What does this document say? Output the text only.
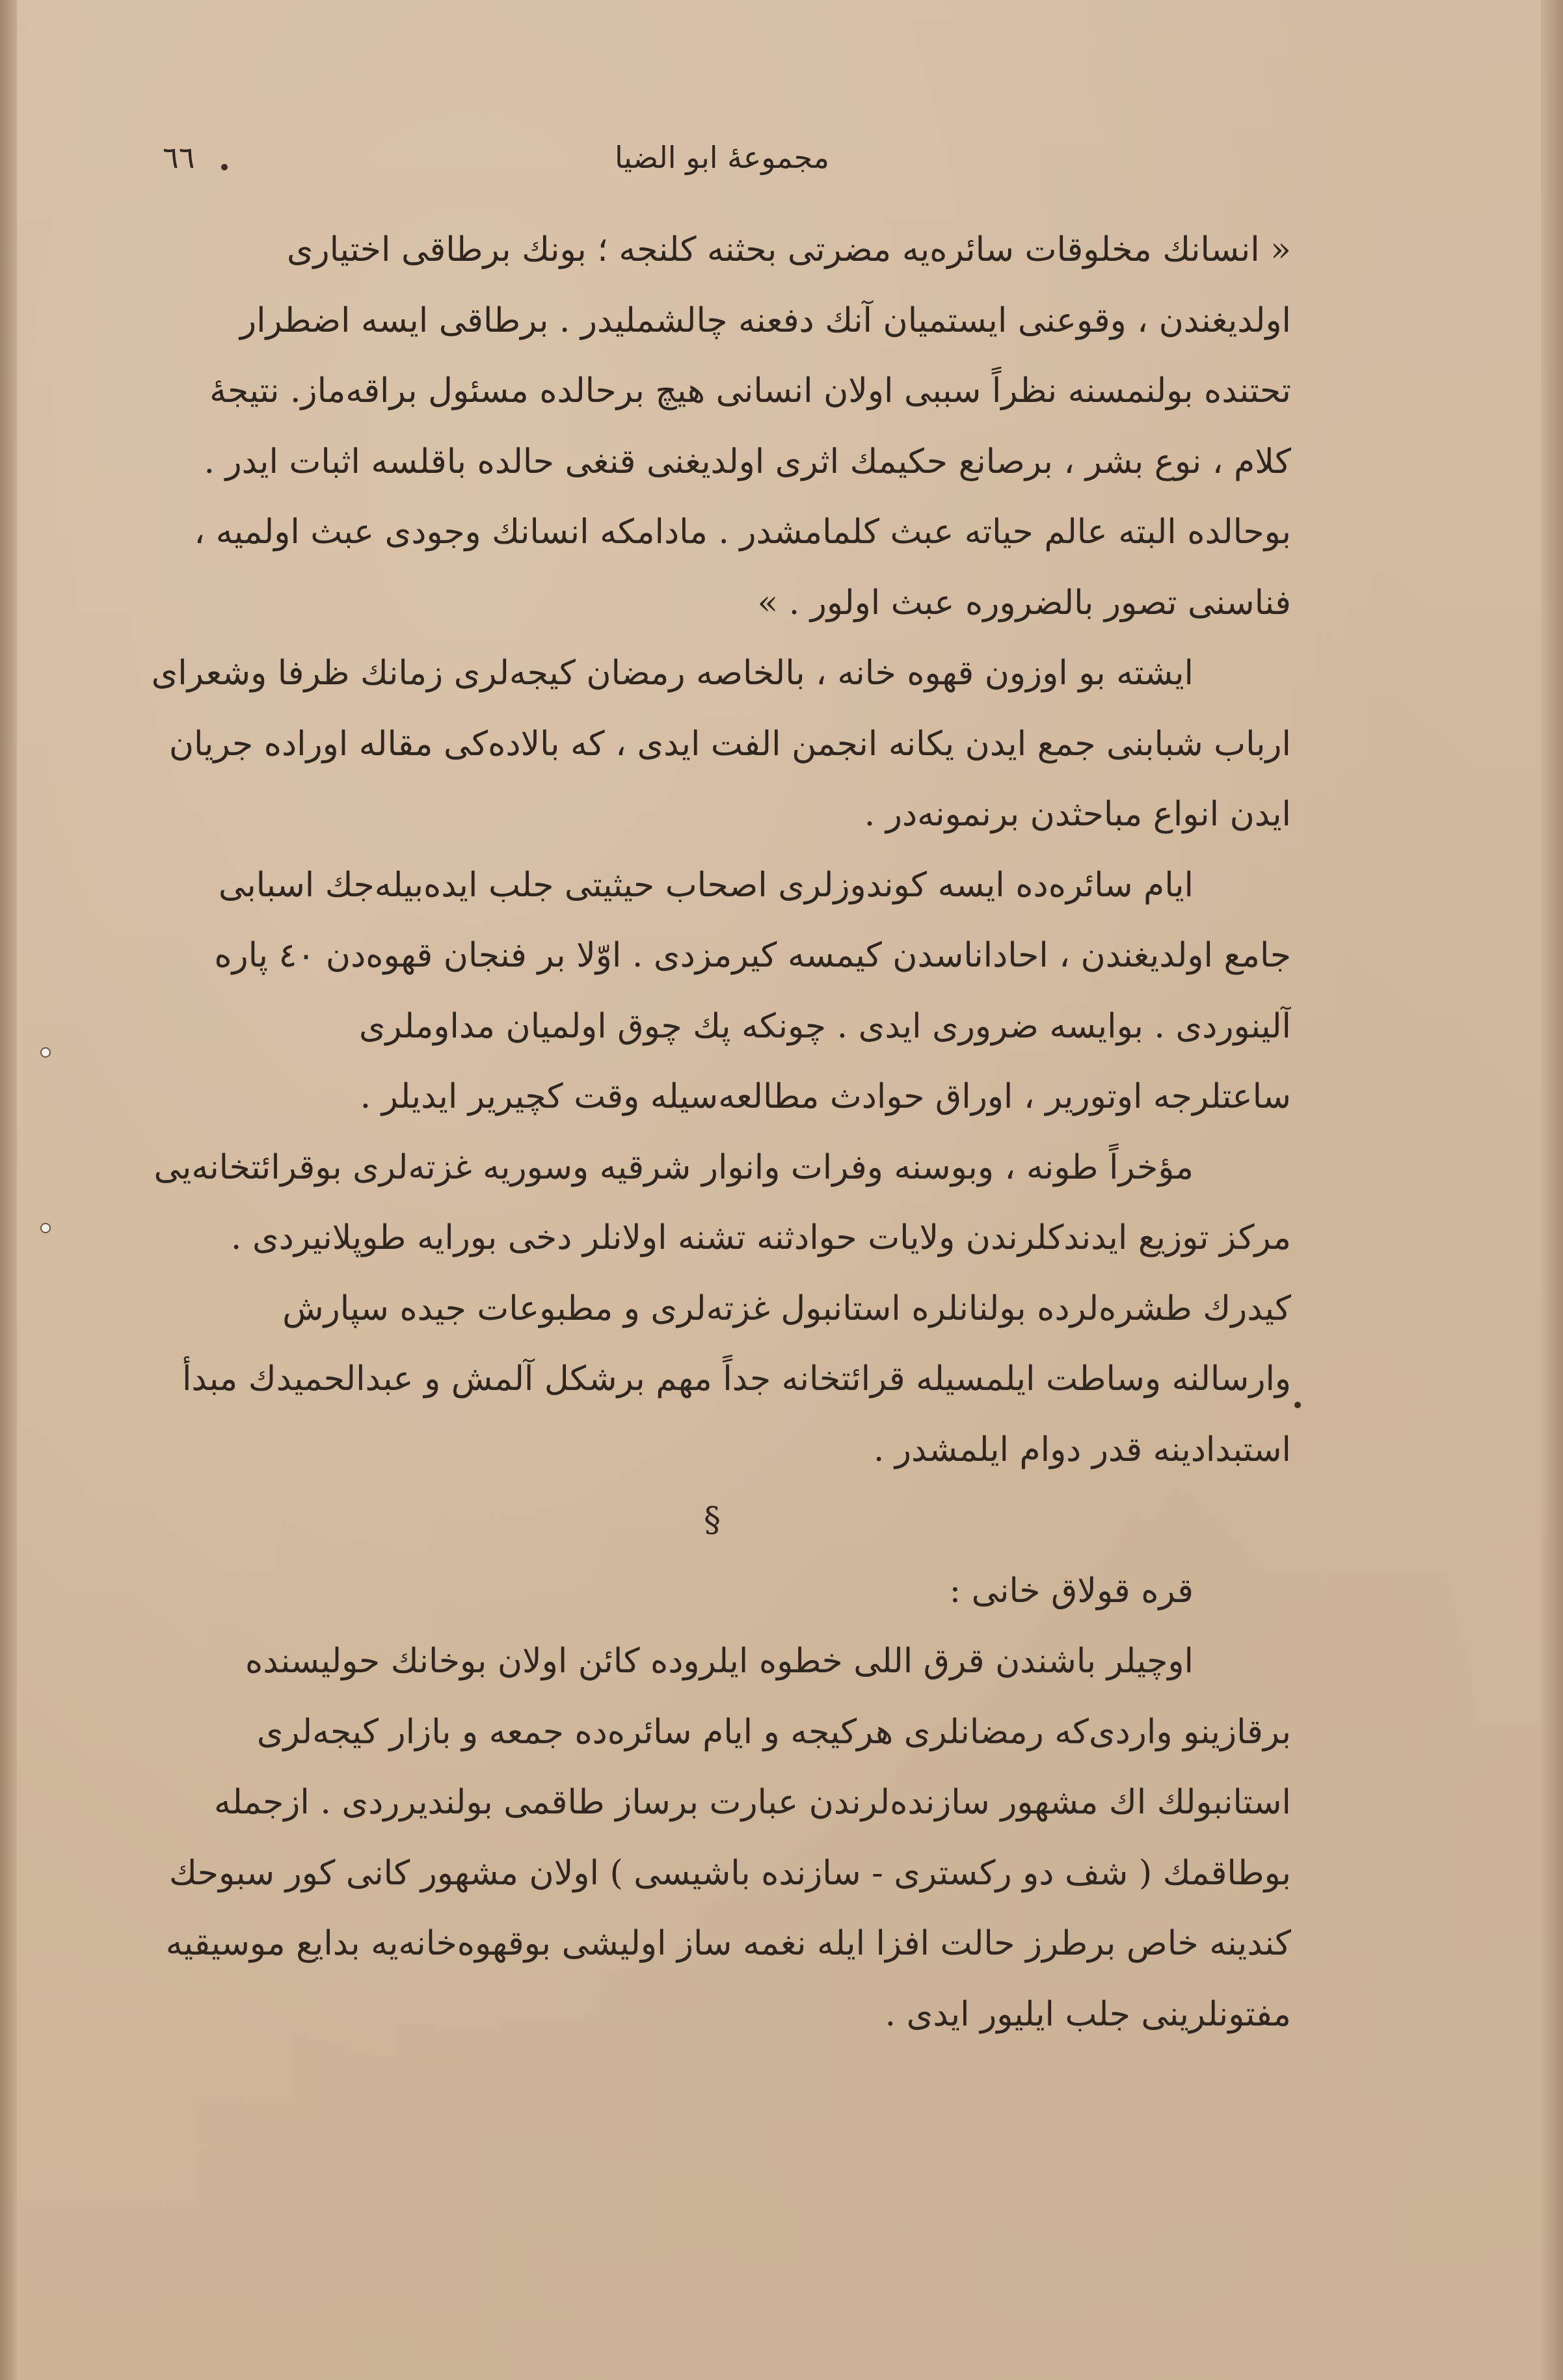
٦٦	مجموعهٔ ابو الضیا
« انسانك مخلوقات سائره‌یه مضرتی بحثنه کلنجه ؛ بونك برطاقی اختیاری
اولدیغندن ، وقوعنی ایستمیان آنك دفعنه چالشملیدر . برطاقی ایسه اضطرار
تحتنده بولنمسنه نظراً سببی اولان انسانی هیچ برحالده مسئول براقه‌ماز. نتیجهٔ
کلام ، نوع بشر ، برصانع حکیمك اثری اولدیغنی قنغی حالده باقلسه اثبات ایدر .
بوحالده البته عالم حیاته عبث کلمامشدر . مادامکه انسانك وجودی عبث اولمیه ،
فناسنی تصور بالضروره عبث اولور . »
ایشته بو اوزون قهوه خانه ، بالخاصه رمضان کیجه‌لری زمانك ظرفا وشعرای
ارباب شبابنی جمع ایدن یکانه انجمن الفت ایدی ، که بالاده‌کی مقاله اوراده جریان
ایدن انواع مباحثدن برنمونه‌در .
ایام سائره‌ده ایسه کوندوزلری اصحاب حیثیتی جلب ایده‌بیله‌جك اسبابی
جامع اولدیغندن ، احاداناسدن کیمسه کیرمزدی . اوّلا بر فنجان قهوه‌دن ٤٠ پاره
آلینوردی . بوایسه ضروری ایدی . چونکه پك چوق اولمیان مداوملری
ساعتلرجه اوتوریر ، اوراق حوادث مطالعه‌سیله وقت کچیریر ایدیلر .
مؤخراً طونه ، وبوسنه وفرات وانوار شرقیه وسوریه غزته‌لری بوقرائتخانه‌یی
مرکز توزیع ایدندکلرندن ولایات حوادثنه تشنه اولانلر دخی بورایه طوپلانیردی .
کیدرك طشره‌لرده بولنانلره استانبول غزته‌لری و مطبوعات جیده سپارش
وارسالنه وساطت ایلمسیله قرائتخانه جداً مهم برشکل آلمش و عبدالحمیدك مبدأ
استبدادینه قدر دوام ایلمشدر .
§
قره قولاق خانی :
اوچیلر باشندن قرق اللی خطوه ایلروده کائن اولان بوخانك حولیسنده
برقازینو واردی‌که رمضانلری هرکیجه و ایام سائره‌ده جمعه و بازار کیجه‌لری
استانبولك اك مشهور سازنده‌لرندن عبارت برساز طاقمی بولندیرردی . ازجمله
بوطاقمك ( شف دو رکستری - سازنده باشیسی ) اولان مشهور کانی کور سبوحك
کندینه خاص برطرز حالت افزا ایله نغمه ساز اولیشی بوقهوه‌خانه‌یه بدایع موسیقیه
مفتونلرینی جلب ایلیور ایدی .
